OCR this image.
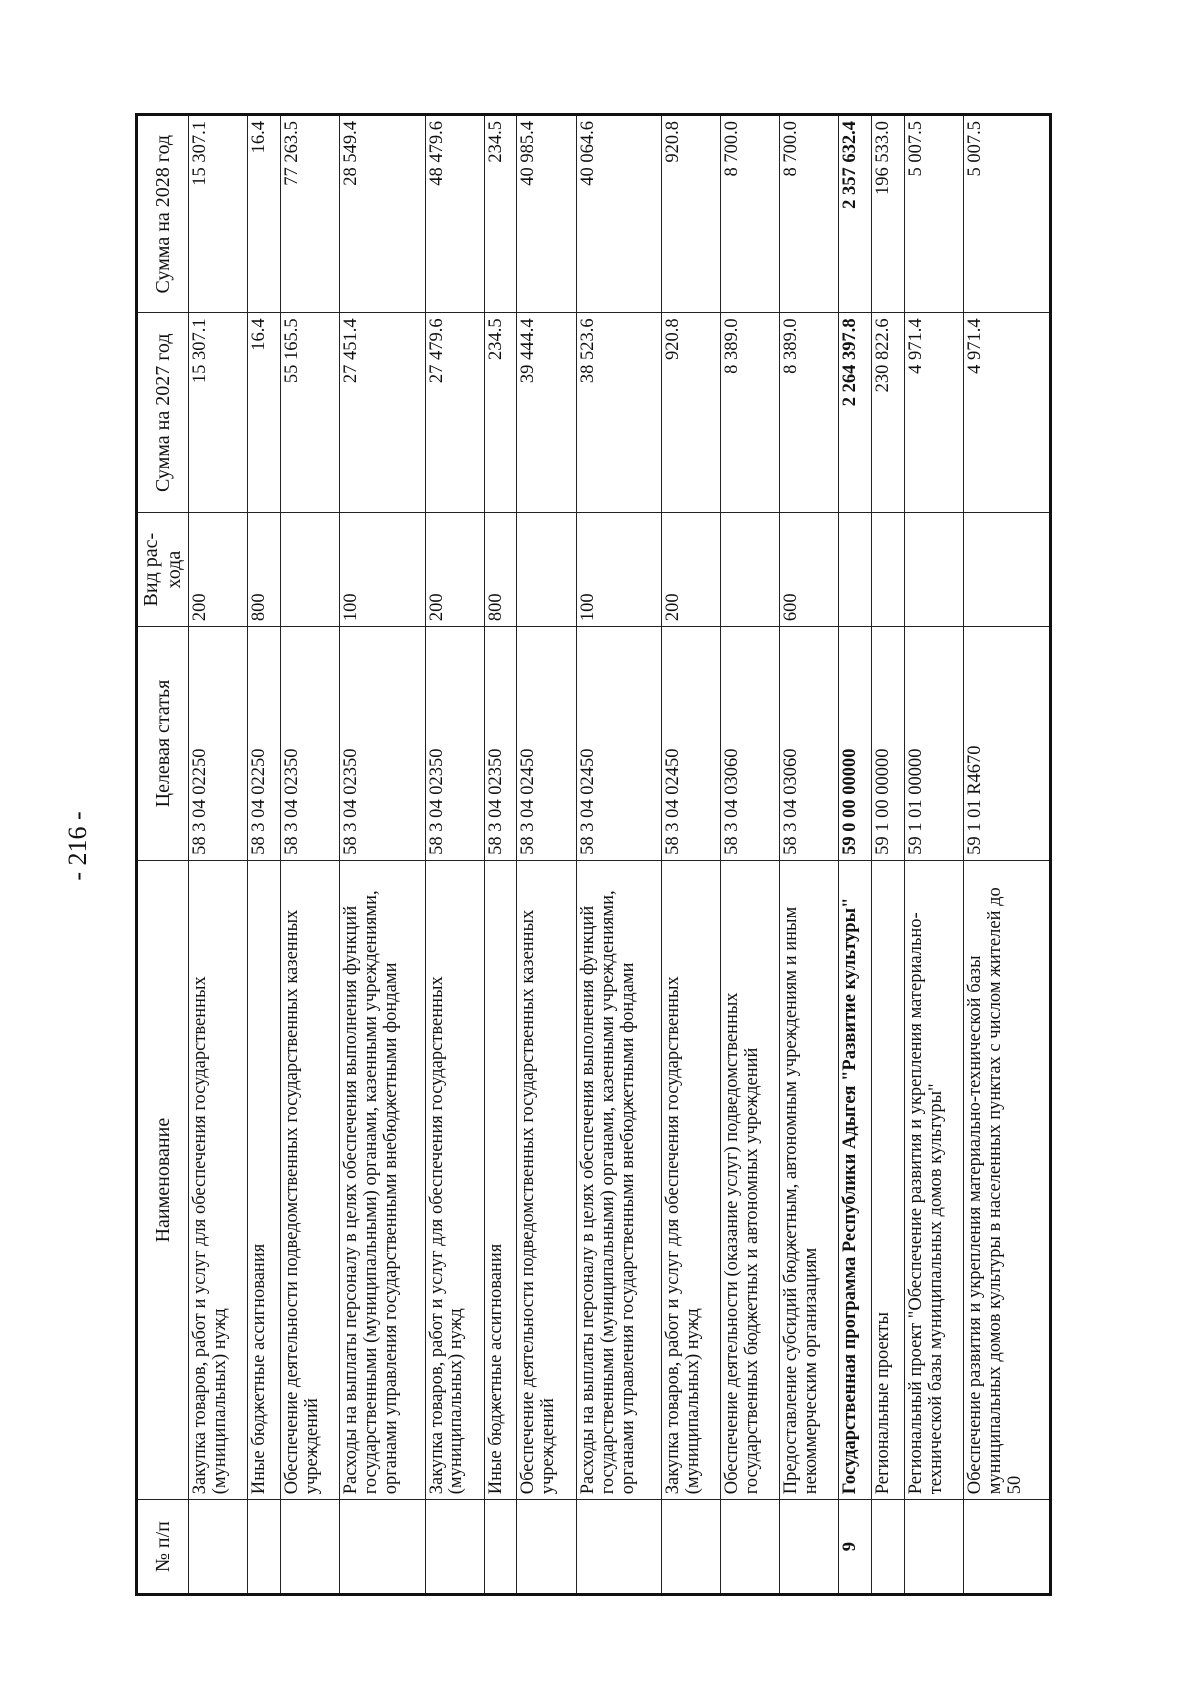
- 216 -
№ п/п	Наименование	Целевая статья	Вид рас-хода	Сумма на 2027 год	Сумма на 2028 год
	Закупка товаров, работ и услуг для обеспечения государственных (муниципальных) нужд	58 3 04 02250	200	15 307.1	15 307.1
	Иные бюджетные ассигнования	58 3 04 02250	800	16.4	16.4
	Обеспечение деятельности подведомственных государственных казенных учреждений	58 3 04 02350		55 165.5	77 263.5
	Расходы на выплаты персоналу в целях обеспечения выполнения функций государственными (муниципальными) органами, казенными учреждениями, органами управления государственными внебюджетными фондами	58 3 04 02350	100	27 451.4	28 549.4
	Закупка товаров, работ и услуг для обеспечения государственных (муниципальных) нужд	58 3 04 02350	200	27 479.6	48 479.6
	Иные бюджетные ассигнования	58 3 04 02350	800	234.5	234.5
	Обеспечение деятельности подведомственных государственных казенных учреждений	58 3 04 02450		39 444.4	40 985.4
	Расходы на выплаты персоналу в целях обеспечения выполнения функций государственными (муниципальными) органами, казенными учреждениями, органами управления государственными внебюджетными фондами	58 3 04 02450	100	38 523.6	40 064.6
	Закупка товаров, работ и услуг для обеспечения государственных (муниципальных) нужд	58 3 04 02450	200	920.8	920.8
	Обеспечение деятельности (оказание услуг) подведомственных государственных бюджетных и автономных учреждений	58 3 04 03060		8 389.0	8 700.0
	Предоставление субсидий бюджетным, автономным учреждениям и иным некоммерческим организациям	58 3 04 03060	600	8 389.0	8 700.0
9	Государственная программа Республики Адыгея "Развитие культуры"	59 0 00 00000		2 264 397.8	2 357 632.4
	Региональные проекты	59 1 00 00000		230 822.6	196 533.0
	Региональный проект "Обеспечение развития и укрепления материально-технической базы муниципальных домов культуры"	59 1 01 00000		4 971.4	5 007.5
	Обеспечение развития и укрепления материально-технической базы муниципальных домов культуры в населенных пунктах с числом жителей до 50	59 1 01 R4670		4 971.4	5 007.5
